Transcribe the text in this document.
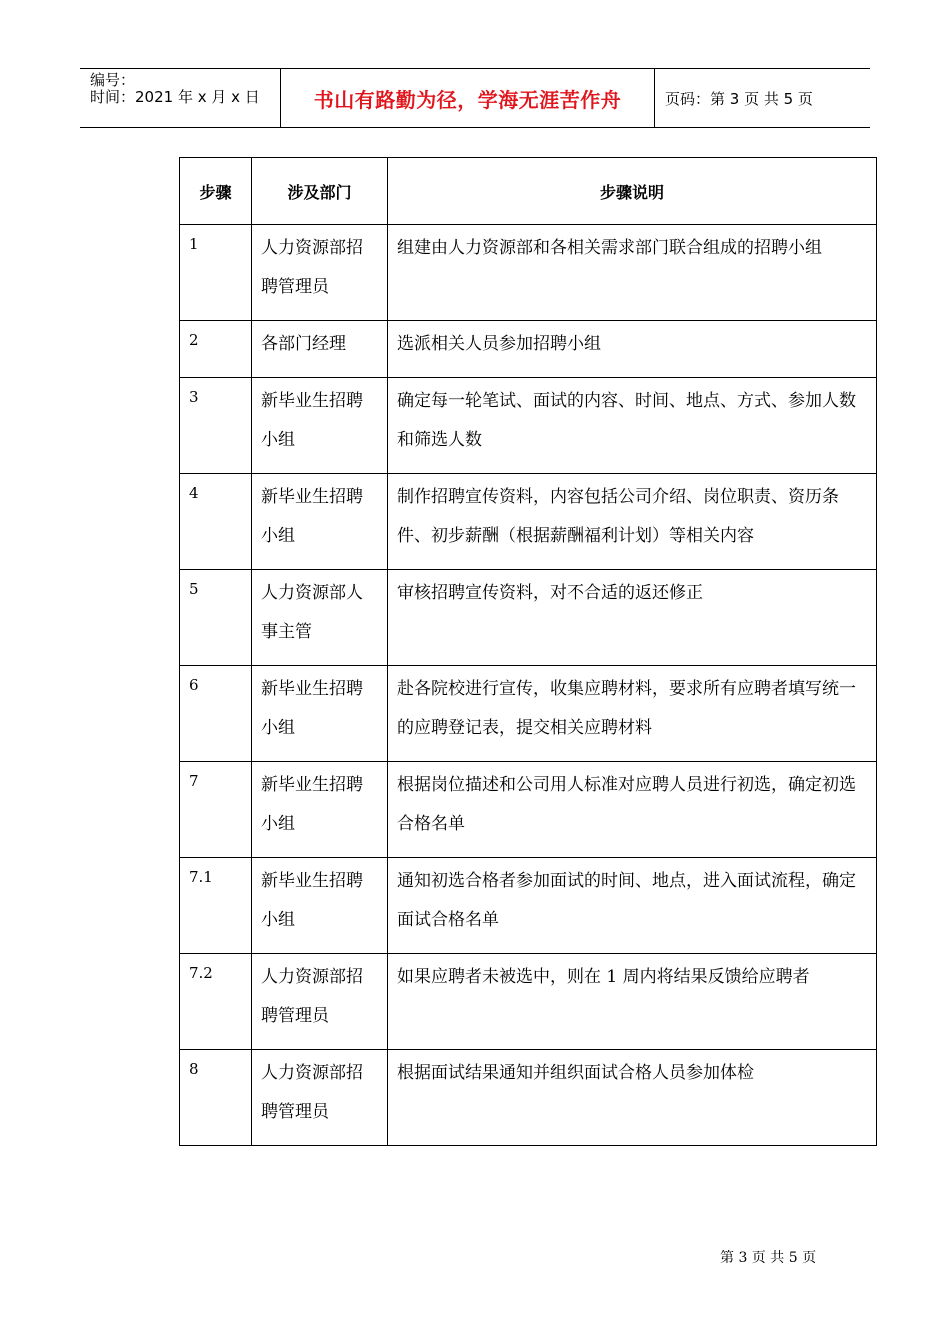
编号：
时间：2021 年 x 月 x 日	书山有路勤为径，学海无涯苦作舟	页码：第 3 页 共 5 页
步骤	涉及部门	步骤说明
1	人力资源部招聘管理员	组建由人力资源部和各相关需求部门联合组成的招聘小组
2	各部门经理	选派相关人员参加招聘小组
3	新毕业生招聘小组	确定每一轮笔试、面试的内容、时间、地点、方式、参加人数和筛选人数
4	新毕业生招聘小组	制作招聘宣传资料，内容包括公司介绍、岗位职责、资历条件、初步薪酬（根据薪酬福利计划）等相关内容
5	人力资源部人事主管	审核招聘宣传资料，对不合适的返还修正
6	新毕业生招聘小组	赴各院校进行宣传，收集应聘材料，要求所有应聘者填写统一的应聘登记表，提交相关应聘材料
7	新毕业生招聘小组	根据岗位描述和公司用人标准对应聘人员进行初选，确定初选合格名单
7.1	新毕业生招聘小组	通知初选合格者参加面试的时间、地点，进入面试流程，确定面试合格名单
7.2	人力资源部招聘管理员	如果应聘者未被选中，则在 1 周内将结果反馈给应聘者
8	人力资源部招聘管理员	根据面试结果通知并组织面试合格人员参加体检
第 3 页 共 5 页
